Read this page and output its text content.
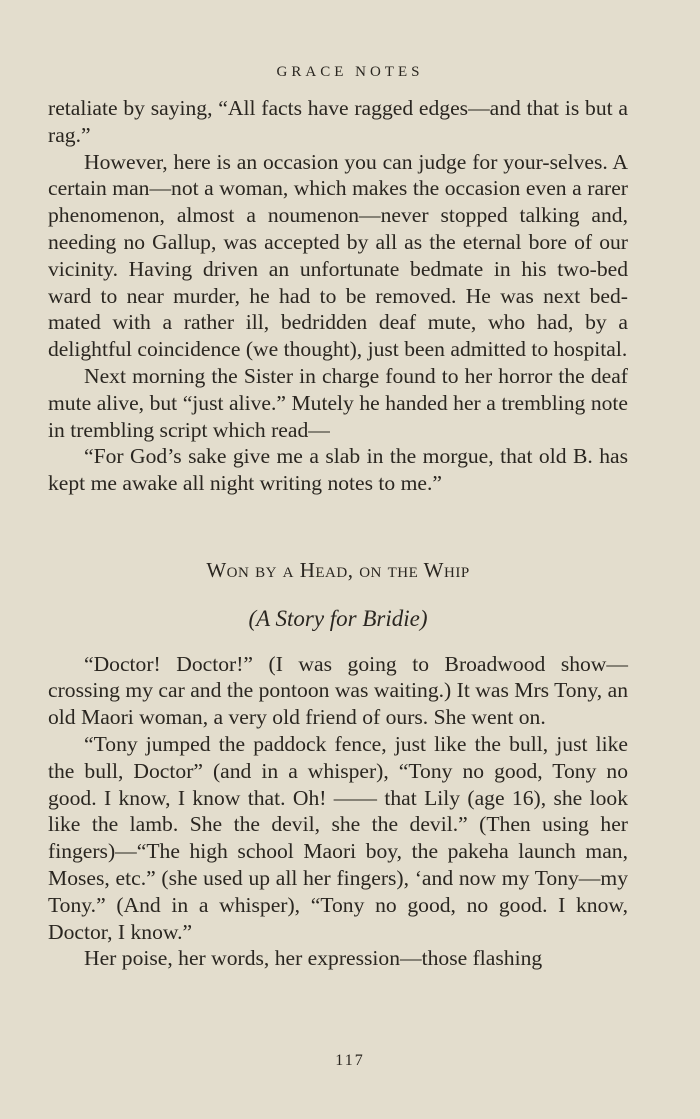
GRACE NOTES

retaliate by saying, “All facts have ragged edges—and that is but a rag.”

However, here is an occasion you can judge for your-selves. A certain man—not a woman, which makes the occasion even a rarer phenomenon, almost a noumenon—never stopped talking and, needing no Gallup, was accepted by all as the eternal bore of our vicinity. Having driven an unfortunate bedmate in his two-bed ward to near murder, he had to be removed. He was next bed-mated with a rather ill, bedridden deaf mute, who had, by a delightful coincidence (we thought), just been admitted to hospital.

Next morning the Sister in charge found to her horror the deaf mute alive, but “just alive.” Mutely he handed her a trembling note in trembling script which read—

“For God’s sake give me a slab in the morgue, that old B. has kept me awake all night writing notes to me.”

Won by a Head, on the Whip
(A Story for Bridie)

“Doctor! Doctor!” (I was going to Broadwood show—crossing my car and the pontoon was waiting.) It was Mrs Tony, an old Maori woman, a very old friend of ours. She went on.

“Tony jumped the paddock fence, just like the bull, just like the bull, Doctor” (and in a whisper), “Tony no good, Tony no good. I know, I know that. Oh! —— that Lily (age 16), she look like the lamb. She the devil, she the devil.” (Then using her fingers)—“The high school Maori boy, the pakeha launch man, Moses, etc.” (she used up all her fingers), ‘and now my Tony—my Tony.” (And in a whisper), “Tony no good, no good. I know, Doctor, I know.”

Her poise, her words, her expression—those flashing

117
